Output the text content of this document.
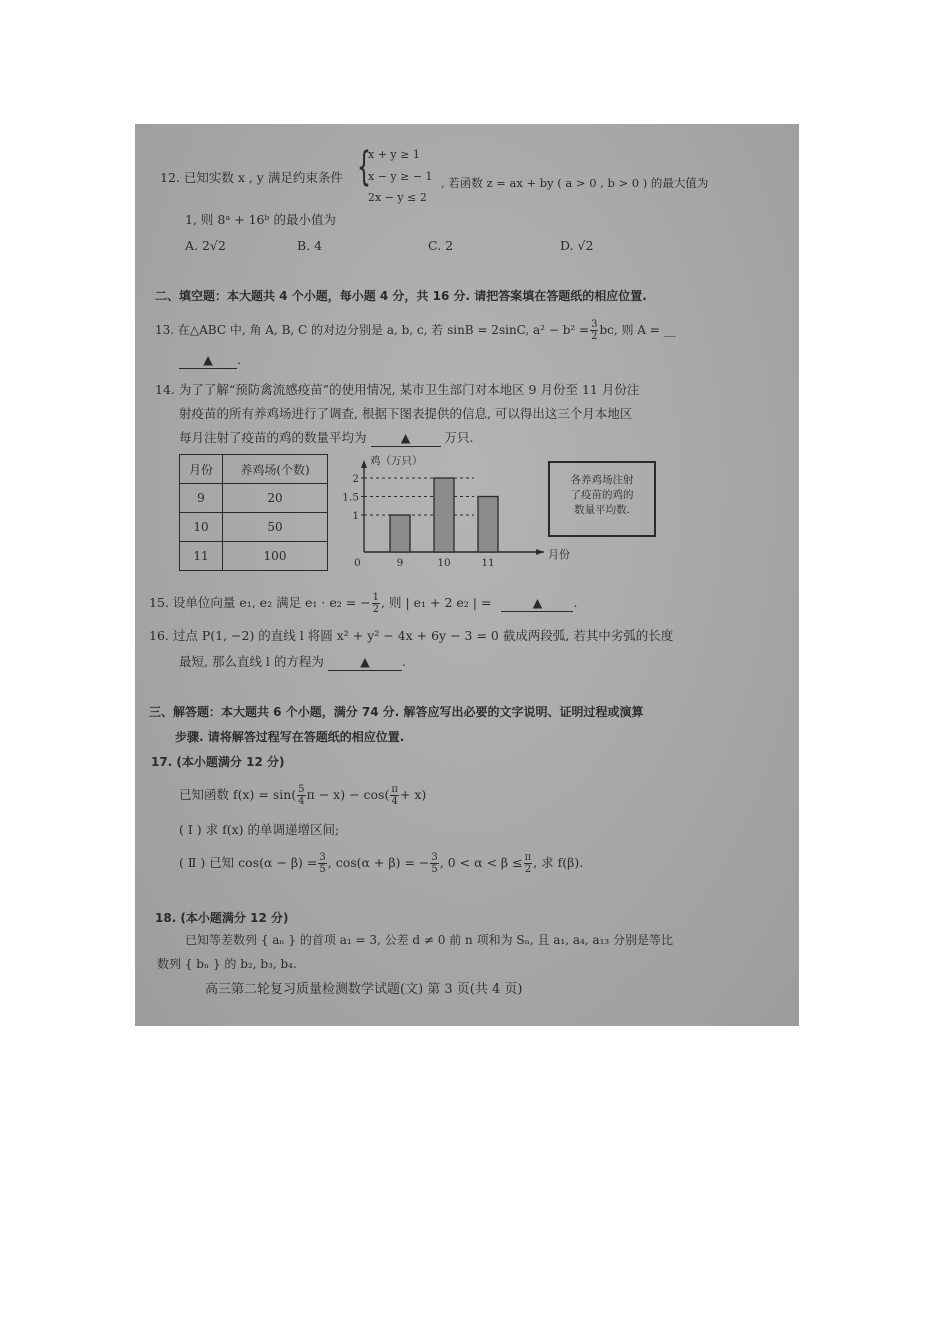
12. 已知实数 x , y 满足约束条件 {
x + y ≥ 1
x − y ≥ − 1
2x − y ≤ 2
, 若函数 z = ax + by ( a > 0 , b > 0 ) 的最大值为
1, 则 8ᵃ + 16ᵇ 的最小值为
A. 2√2	B. 4	C. 2	D. √2
二、填空题：本大题共 4 个小题，每小题 4 分，共 16 分. 请把答案填在答题纸的相应位置.
13. 在△ABC 中, 角 A, B, C 的对边分别是 a, b, c, 若 sinB = 2sinC, $a^2 - b^2 = \frac{3}{2}$ bc, 则 A = __
▲ .
14. 为了了解“预防禽流感疫苗”的使用情况, 某市卫生部门对本地区 9 月份至 11 月份注
射疫苗的所有养鸡场进行了调查, 根据下图表提供的信息, 可以得出这三个月本地区
每月注射了疫苗的鸡的数量平均为	▲	万只.
月份	养鸡场(个数)
9	20
10	50
11	100
鸡（万只）
月份
0
1
1.5
2
9	10	11
各养鸡场注射
了疫苗的鸡的
数量平均数.
15. 设单位向量 e₁, e₂ 满足 e₁ · e₂ = − $\frac{1}{2}$ , 则 | e₁ + 2 e₂ | =	▲ .
16. 过点 P(1, −2) 的直线 l 将圆 x² + y² − 4x + 6y − 3 = 0 截成两段弧, 若其中劣弧的长度
最短, 那么直线 l 的方程为	▲	.
三、解答题：本大题共 6 个小题，满分 74 分. 解答应写出必要的文字说明、证明过程或演算
步骤. 请将解答过程写在答题纸的相应位置.
17. (本小题满分 12 分)
已知函数 $f(x) = \sin( \frac{5}{4}$ $\pi - x) - \cos( \frac{\pi}{4} + x)$
( Ⅰ ) 求 f(x) 的单调递增区间;
( Ⅱ ) 已知 $\cos(\alpha - \beta) = \frac{3}{5}$ , cos(α + β) = − $\frac{3}{5}$ , $0 < \alpha < \beta \le \frac{\pi}{2}$ , 求 f(β).
18. (本小题满分 12 分)
已知等差数列 { aₙ } 的首项 a₁ = 3, 公差 d ≠ 0 前 n 项和为 Sₙ, 且 a₁, a₄, a₁₃ 分别是等比
数列 { bₙ } 的 b₂, b₃, b₄.
高三第二轮复习质量检测数学试题(文) 第 3 页(共 4 页)
